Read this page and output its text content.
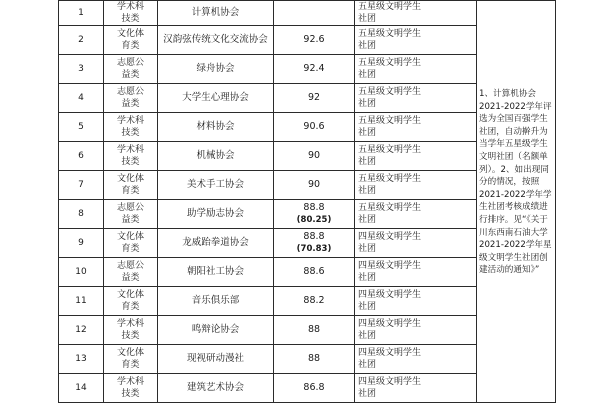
1	学术科
技类	计算机协会		五星级文明学生
社团	1、计算机协会2021-2022学年评选为全国百强学生社团，自动擀升为当学年五星级学生文明社团（名额单列）。2、如出现同分的情况，按照2021-2022学年学生社团考核成绩进行排序。见“《关于川东西南石油大学2021-2022学年星级文明学生社团创建活动的通知》”

2	文化体
育类	汉韵弦传统文化交流协会	92.6	五星级文明学生
社团	

3	志愿公
益类	绿舟协会	92.4	五星级文明学生
社团	

4	志愿公
益类	大学生心理协会	92	五星级文明学生
社团	

5	学术科
技类	材料协会	90.6	五星级文明学生
社团	

6	学术科
技类	机械协会	90	五星级文明学生
社团	

7	文化体
育类	美术手工协会	90	五星级文明学生
社团	

8	志愿公
益类	助学励志协会	88.8
(80.25)	五星级文明学生
社团	

9	文化体
育类	龙威跆拳道协会	88.8
(70.83)	四星级文明学生
社团	

10	志愿公
益类	朝阳社工协会	88.6	四星级文明学生
社团	

11	文化体
育类	音乐俱乐部	88.2	四星级文明学生
社团	

12	学术科
技类	鸣辩论协会	88	四星级文明学生
社团	

13	文化体
育类	现视研动漫社	88	四星级文明学生
社团	

14	学术科
技类	建筑艺术协会	86.8	四星级文明学生
社团	
